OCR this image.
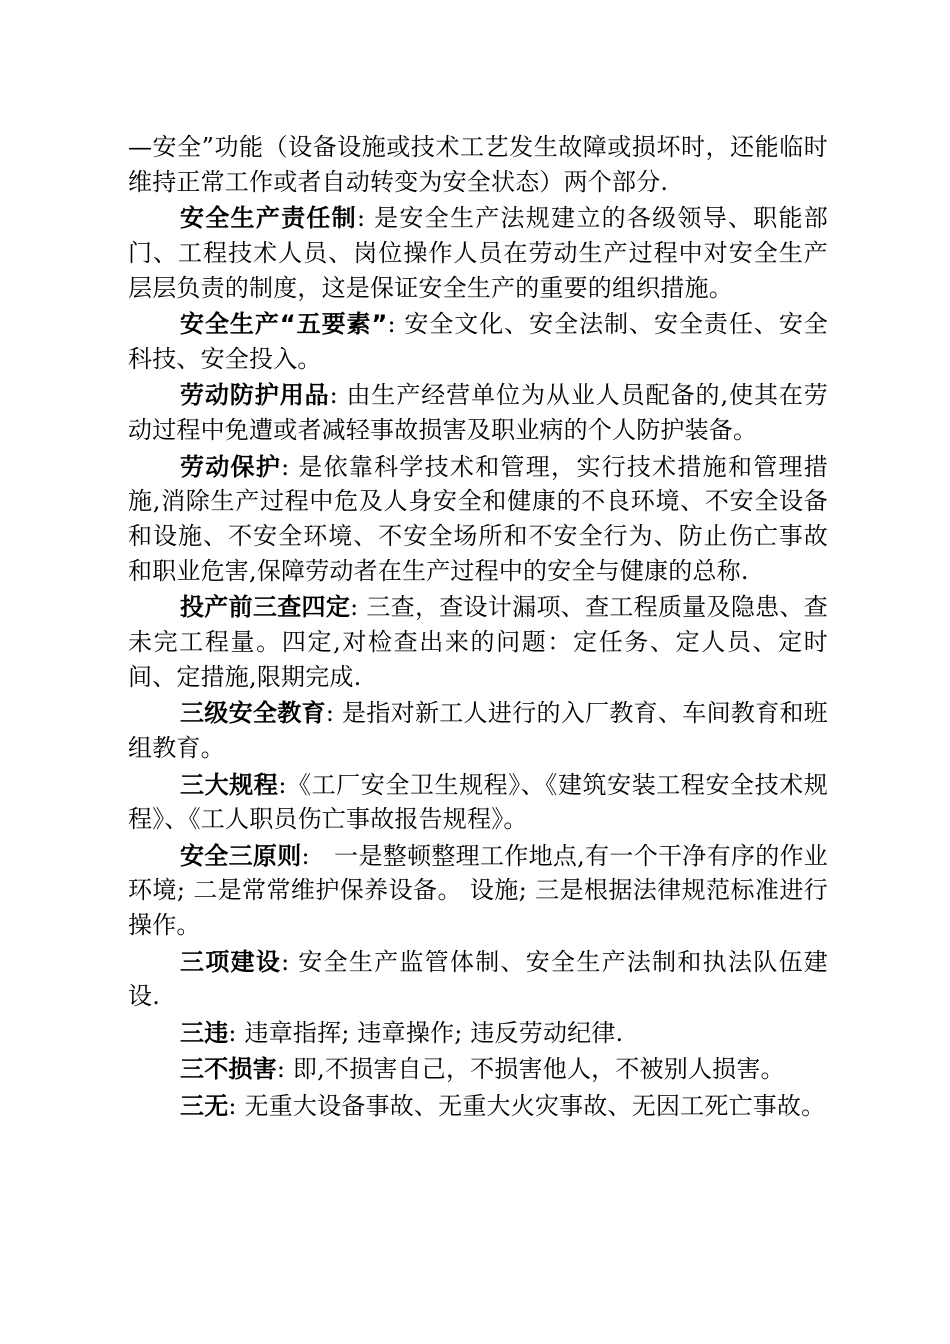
—安全”功能（设备设施或技术工艺发生故障或损坏时，还能临时维持正常工作或者自动转变为安全状态）两个部分.

安全生产责任制: 是安全生产法规建立的各级领导、职能部门、工程技术人员、岗位操作人员在劳动生产过程中对安全生产层层负责的制度，这是保证安全生产的重要的组织措施。

安全生产“五要素”: 安全文化、安全法制、安全责任、安全科技、安全投入。

劳动防护用品: 由生产经营单位为从业人员配备的,使其在劳动过程中免遭或者减轻事故损害及职业病的个人防护装备。

劳动保护: 是依靠科学技术和管理，实行技术措施和管理措施,消除生产过程中危及人身安全和健康的不良环境、不安全设备和设施、不安全环境、不安全场所和不安全行为、防止伤亡事故和职业危害,保障劳动者在生产过程中的安全与健康的总称.

投产前三查四定: 三查，查设计漏项、查工程质量及隐患、查未完工程量。四定,对检查出来的问题：定任务、定人员、定时间、定措施,限期完成.

三级安全教育: 是指对新工人进行的入厂教育、车间教育和班组教育。

三大规程:《工厂安全卫生规程》、《建筑安装工程安全技术规程》、《工人职员伤亡事故报告规程》。

安全三原则:　一是整顿整理工作地点,有一个干净有序的作业环境; 二是常常维护保养设备。 设施; 三是根据法律规范标准进行操作。

三项建设: 安全生产监管体制、安全生产法制和执法队伍建设.

三违: 违章指挥; 违章操作; 违反劳动纪律.

三不损害: 即,不损害自己，不损害他人，不被别人损害。

三无: 无重大设备事故、无重大火灾事故、无因工死亡事故。
